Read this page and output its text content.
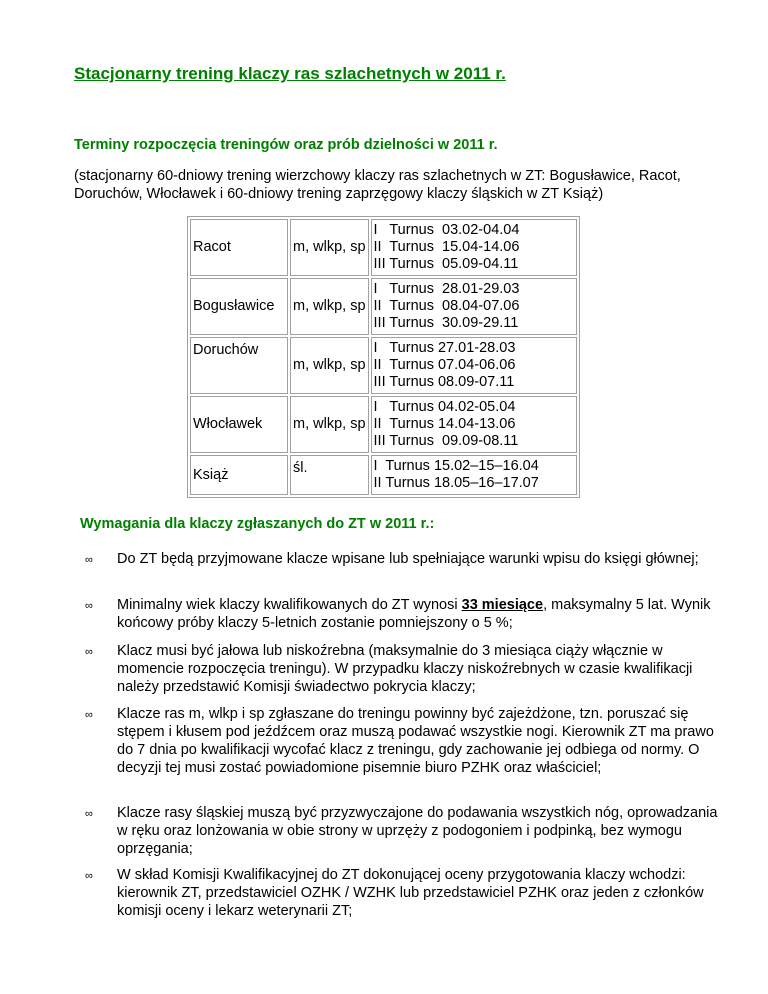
Stacjonarny trening klaczy ras szlachetnych w 2011 r.
Terminy rozpoczęcia treningów oraz prób dzielności w 2011 r.
(stacjonarny 60-dniowy trening wierzchowy klaczy ras szlachetnych w ZT: Bogusławice, Racot, Doruchów, Włocławek i 60-dniowy trening zaprzęgowy klaczy śląskich w ZT Książ)
Racot	m, wlkp, sp	I   Turnus  03.02-04.04
II  Turnus  15.04-14.06
III Turnus  05.09-04.11

Bogusławice	m, wlkp, sp	I   Turnus  28.01-29.03
II  Turnus  08.04-07.06
III Turnus  30.09-29.11

Doruchów	m, wlkp, sp	I   Turnus 27.01-28.03
II  Turnus 07.04-06.06
III Turnus 08.09-07.11

Włocławek	m, wlkp, sp	I   Turnus 04.02-05.04
II  Turnus 14.04-13.06
III Turnus  09.09-08.11

Książ	śl.	I  Turnus 15.02–15–16.04
II Turnus 18.05–16–17.07
Wymagania dla klaczy zgłaszanych do ZT w 2011 r.:
∞ Do ZT będą przyjmowane klacze wpisane lub spełniające warunki wpisu do księgi głównej;
∞ Minimalny wiek klaczy kwalifikowanych do ZT wynosi 33 miesiące, maksymalny 5 lat. Wynik końcowy próby klaczy 5-letnich zostanie pomniejszony o 5 %;
∞ Klacz musi być jałowa lub niskoźrebna (maksymalnie do 3 miesiąca ciąży włącznie w momencie rozpoczęcia treningu). W przypadku klaczy niskoźrebnych w czasie kwalifikacji należy przedstawić Komisji świadectwo pokrycia klaczy;
∞ Klacze ras m, wlkp i sp zgłaszane do treningu powinny być zajeżdżone, tzn. poruszać się stępem i kłusem pod jeźdźcem oraz muszą podawać wszystkie nogi. Kierownik ZT ma prawo do 7 dnia po kwalifikacji wycofać klacz z treningu, gdy zachowanie jej odbiega od normy. O decyzji tej musi zostać powiadomione pisemnie biuro PZHK oraz właściciel;
∞ Klacze rasy śląskiej muszą być przyzwyczajone do podawania wszystkich nóg, oprowadzania w ręku oraz lonżowania w obie strony w uprzęży z podogoniem i podpinką, bez wymogu oprzęgania;
∞ W skład Komisji Kwalifikacyjnej do ZT dokonującej oceny przygotowania klaczy wchodzi: kierownik ZT, przedstawiciel OZHK / WZHK lub przedstawiciel PZHK oraz jeden z członków komisji oceny i lekarz weterynarii ZT;
